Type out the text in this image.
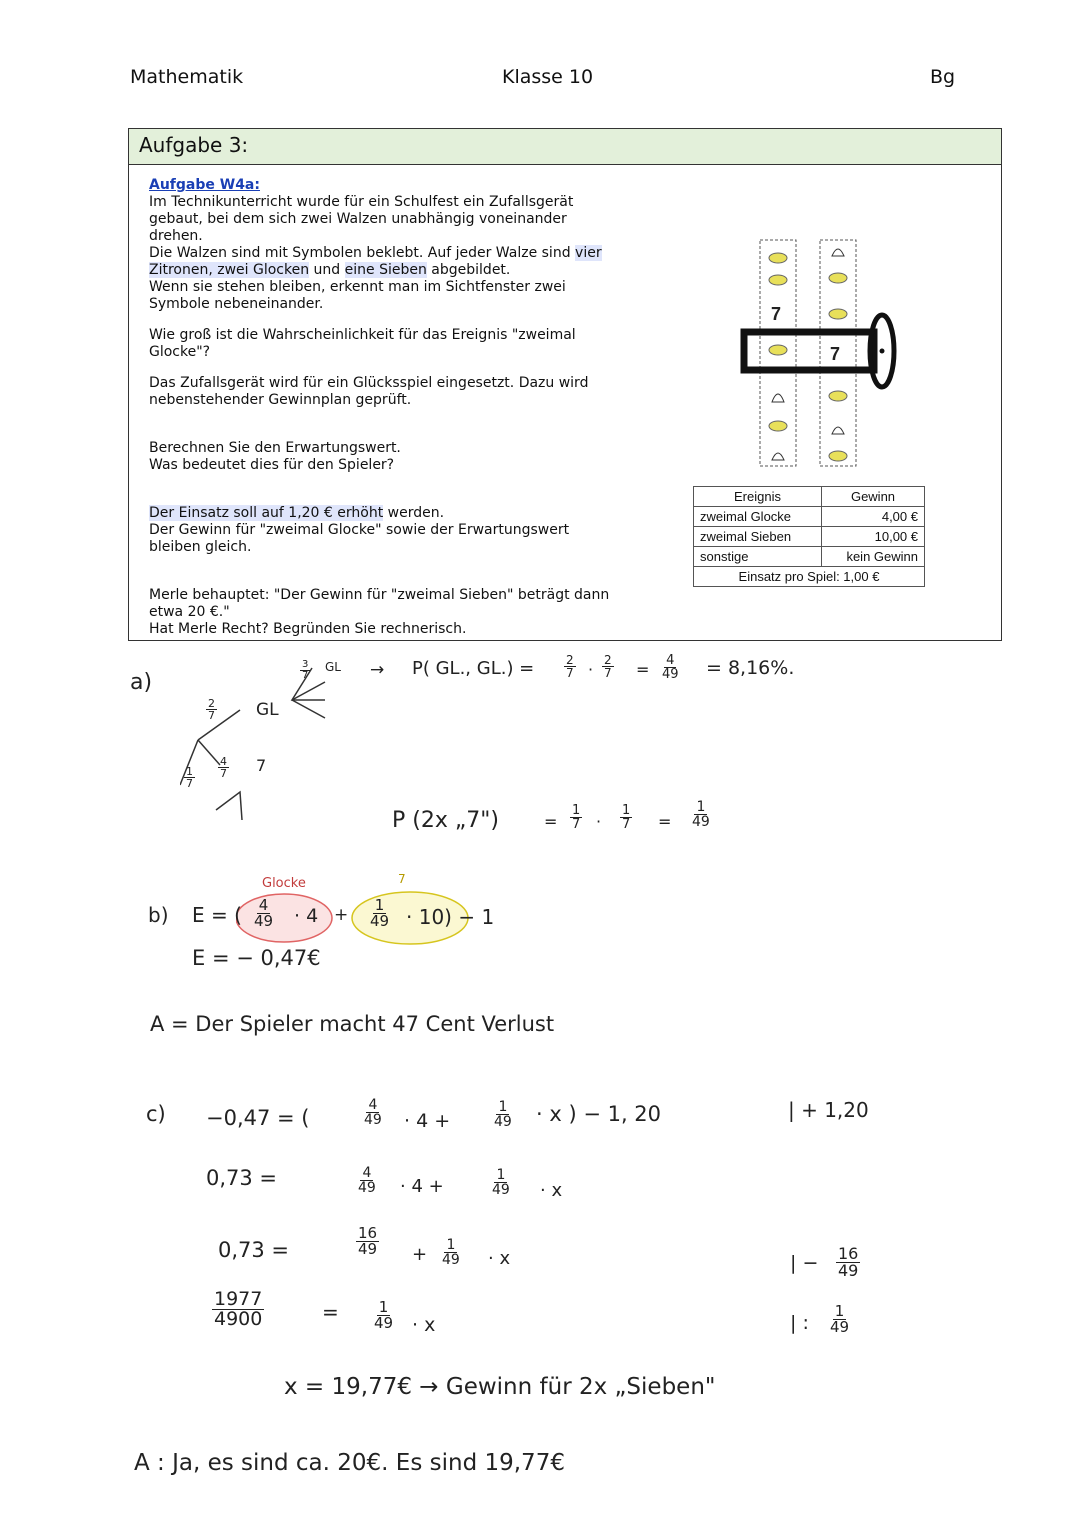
Mathematik	Klasse 10	Bg
Aufgabe 3:

Aufgabe W4a:

Im Technikunterricht wurde für ein Schulfest ein Zufallsgerät

gebaut, bei dem sich zwei Walzen unabhängig voneinander

drehen.

Die Walzen sind mit Symbolen beklebt. Auf jeder Walze sind vier

Zitronen, zwei Glocken und eine Sieben abgebildet.

Wenn sie stehen bleiben, erkennt man im Sichtfenster zwei

Symbole nebeneinander.

Wie groß ist die Wahrscheinlichkeit für das Ereignis "zweimal

Glocke"?

Das Zufallsgerät wird für ein Glücksspiel eingesetzt. Dazu wird

nebenstehender Gewinnplan geprüft.

Berechnen Sie den Erwartungswert.

Was bedeutet dies für den Spieler?

Der Einsatz soll auf 1,20 € erhöht werden.

Der Gewinn für "zweimal Glocke" sowie der Erwartungswert

bleiben gleich.

Merle behauptet: "Der Gewinn für "zweimal Sieben" beträgt dann

etwa 20 €."

Hat Merle Recht? Begründen Sie rechnerisch.

7
7
Ereignis	Gewinn
zweimal Glocke	4,00 €
zweimal Sieben	10,00 €
sonstige	kein Gewinn
Einsatz pro Spiel: 1,00 €	
a)
GL
GL
7
$\frac{2}{7}$
$\frac{4}{7}$
$\frac{1}{7}$
$\frac{3}{7}$	→ P( GL., $GL.) = \frac{2}{7} \cdot \frac{2}{7} = \frac{4}{49} = 8,16\%$.
P (2x „7")	= $\frac{1}{7} \cdot \frac{1}{7} = \frac{1}{49}$
Glocke	7
b) E = ( $\frac{4}{49} \cdot 4 + \frac{1}{49} \cdot 10) - 1$
E = − 0,47€
A = Der Spieler macht 47 Cent Verlust
c) −0,47 = (	$\frac{4}{49} \cdot 4$ +	$\frac{1}{49} \cdot x$ ) − 1, 20	| + 1,20
0,73 =	$\frac{4}{49} \cdot 4$ +	$\frac{1}{49} \cdot x$
0,73 =	$\frac{16}{49} + \frac{1}{49} \cdot x$	| − $\frac{16}{49}$
$\frac{1977}{4900}$	= $\frac{1}{49} \cdot x$	| : $\frac{1}{49}$
x = 19,77€ → Gewinn für 2x „Sieben"
A : Ja, es sind ca. 20€. Es sind 19,77€
